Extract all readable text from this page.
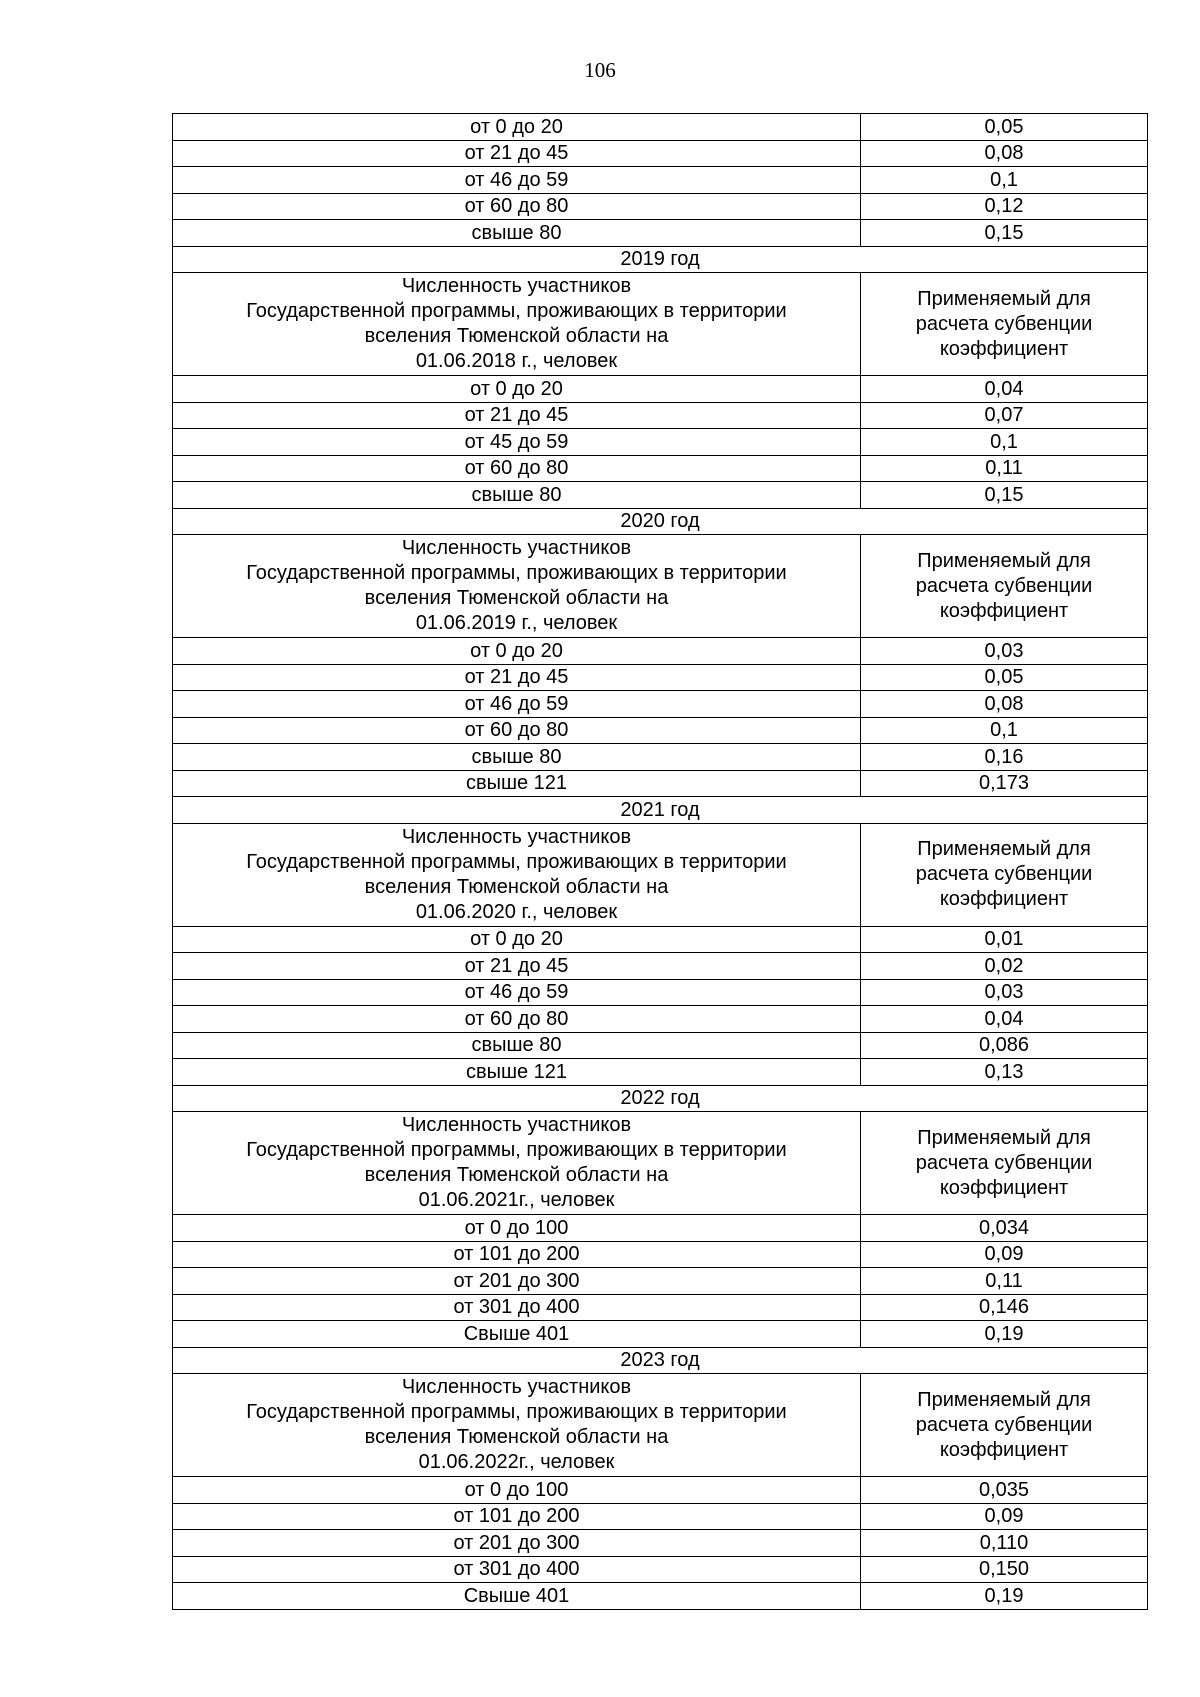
106
от 0 до 20	0,05
от 21 до 45	0,08
от 46 до 59	0,1
от 60 до 80	0,12
свыше 80	0,15
2019 год	
Численность участников
Государственной программы, проживающих в территории
вселения Тюменской области на
01.06.2018 г., человек	Применяемый для
расчета субвенции
коэффициент
от 0 до 20	0,04
от 21 до 45	0,07
от 45 до 59	0,1
от 60 до 80	0,11
свыше 80	0,15
2020 год	
Численность участников
Государственной программы, проживающих в территории
вселения Тюменской области на
01.06.2019 г., человек	Применяемый для
расчета субвенции
коэффициент
от 0 до 20	0,03
от 21 до 45	0,05
от 46 до 59	0,08
от 60 до 80	0,1
свыше 80	0,16
свыше 121	0,173
2021 год	
Численность участников
Государственной программы, проживающих в территории
вселения Тюменской области на
01.06.2020 г., человек	Применяемый для
расчета субвенции
коэффициент
от 0 до 20	0,01
от 21 до 45	0,02
от 46 до 59	0,03
от 60 до 80	0,04
свыше 80	0,086
свыше 121	0,13
2022 год	
Численность участников
Государственной программы, проживающих в территории
вселения Тюменской области на
01.06.2021г., человек	Применяемый для
расчета субвенции
коэффициент
от 0 до 100	0,034
от 101 до 200	0,09
от 201 до 300	0,11
от 301 до 400	0,146
Свыше 401	0,19
2023 год	
Численность участников
Государственной программы, проживающих в территории
вселения Тюменской области на
01.06.2022г., человек	Применяемый для
расчета субвенции
коэффициент
от 0 до 100	0,035
от 101 до 200	0,09
от 201 до 300	0,110
от 301 до 400	0,150
Свыше 401	0,19
